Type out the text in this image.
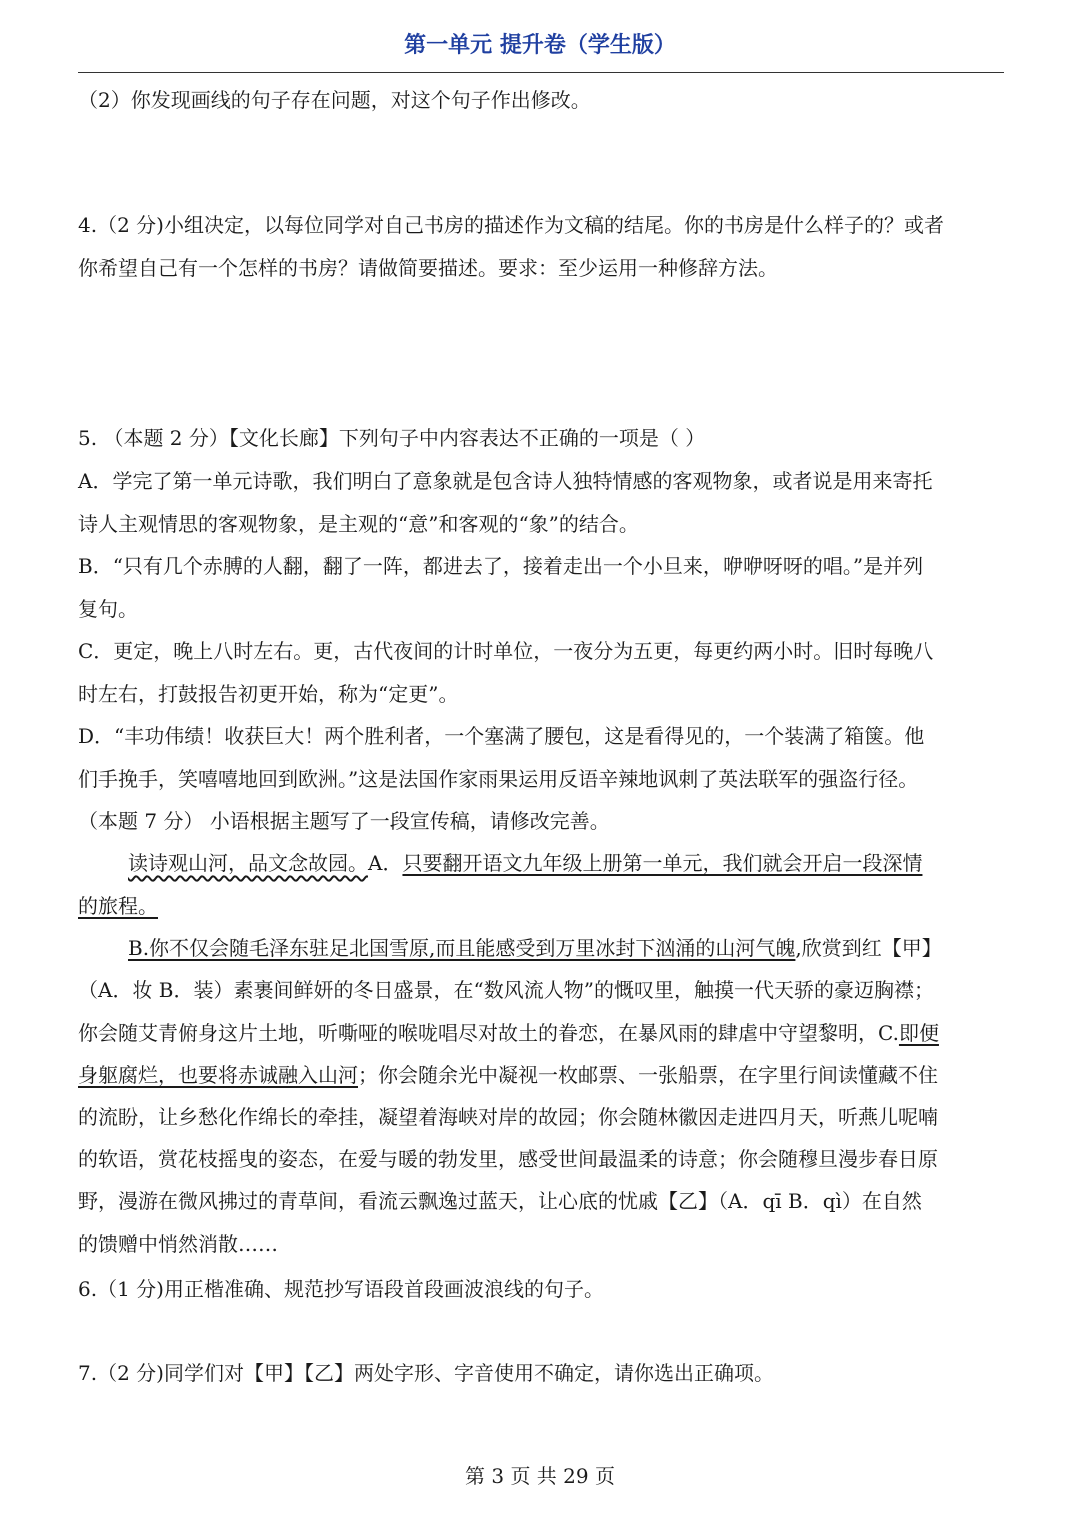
第一单元 提升卷（学生版）
（2）你发现画线的句子存在问题，对这个句子作出修改。
4.（2 分)小组决定，以每位同学对自己书房的描述作为文稿的结尾。你的书房是什么样子的？或者
你希望自己有一个怎样的书房？请做简要描述。要求：至少运用一种修辞方法。
5. （本题 2 分）【文化长廊】下列句子中内容表达不正确的一项是（ ）
A．学完了第一单元诗歌，我们明白了意象就是包含诗人独特情感的客观物象，或者说是用来寄托
诗人主观情思的客观物象，是主观的“意”和客观的“象”的结合。
B．“只有几个赤膊的人翻，翻了一阵，都进去了，接着走出一个小旦来，咿咿呀呀的唱。”是并列
复句。
C．更定，晚上八时左右。更，古代夜间的计时单位，一夜分为五更，每更约两小时。旧时每晚八
时左右，打鼓报告初更开始，称为“定更”。
D．“丰功伟绩！收获巨大！两个胜利者，一个塞满了腰包，这是看得见的，一个装满了箱箧。他
们手挽手，笑嘻嘻地回到欧洲。”这是法国作家雨果运用反语辛辣地讽刺了英法联军的强盗行径。
（本题 7 分） 小语根据主题写了一段宣传稿，请修改完善。
读诗观山河，品文念故园。A．只要翻开语文九年级上册第一单元，我们就会开启一段深情
的旅程。
B.你不仅会随毛泽东驻足北国雪原,而且能感受到万里冰封下汹涌的山河气魄,欣赏到红【甲】
（A．妆 B．装）素裹间鲜妍的冬日盛景，在“数风流人物”的慨叹里，触摸一代天骄的豪迈胸襟；
你会随艾青俯身这片土地，听嘶哑的喉咙唱尽对故土的眷恋，在暴风雨的肆虐中守望黎明，C.即便
身躯腐烂，也要将赤诚融入山河；你会随余光中凝视一枚邮票、一张船票，在字里行间读懂藏不住
的流盼，让乡愁化作绵长的牵挂，凝望着海峡对岸的故园；你会随林徽因走进四月天，听燕儿呢喃
的软语，赏花枝摇曳的姿态，在爱与暖的勃发里，感受世间最温柔的诗意；你会随穆旦漫步春日原
野，漫游在微风拂过的青草间，看流云飘逸过蓝天，让心底的忧戚【乙】（A．qī B．qì）在自然
的馈赠中悄然消散……
6.（1 分)用正楷准确、规范抄写语段首段画波浪线的句子。
7.（2 分)同学们对【甲】【乙】两处字形、字音使用不确定，请你选出正确项。
第 3 页 共 29 页
